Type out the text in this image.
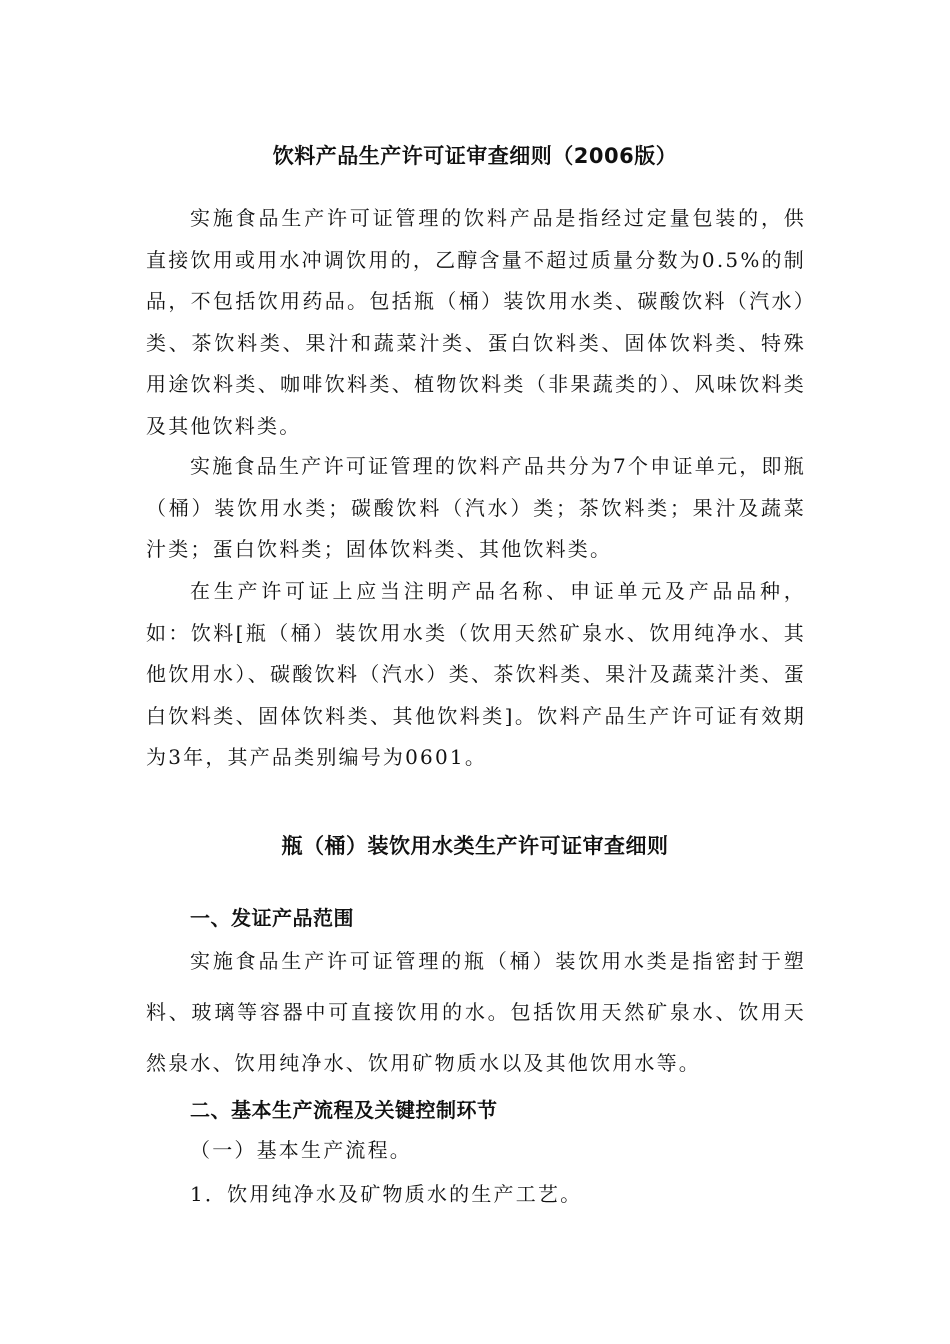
饮料产品生产许可证审查细则（2006版）
实施食品生产许可证管理的饮料产品是指经过定量包装的，供直接饮用或用水冲调饮用的，乙醇含量不超过质量分数为0.5%的制品，不包括饮用药品。包括瓶（桶）装饮用水类、碳酸饮料（汽水）类、茶饮料类、果汁和蔬菜汁类、蛋白饮料类、固体饮料类、特殊用途饮料类、咖啡饮料类、植物饮料类（非果蔬类的）、风味饮料类及其他饮料类。
实施食品生产许可证管理的饮料产品共分为7个申证单元，即瓶（桶）装饮用水类；碳酸饮料（汽水）类；茶饮料类；果汁及蔬菜汁类；蛋白饮料类；固体饮料类、其他饮料类。
在生产许可证上应当注明产品名称、申证单元及产品品种，如：饮料[瓶（桶）装饮用水类（饮用天然矿泉水、饮用纯净水、其他饮用水）、碳酸饮料（汽水）类、茶饮料类、果汁及蔬菜汁类、蛋白饮料类、固体饮料类、其他饮料类]。饮料产品生产许可证有效期为3年，其产品类别编号为0601。
瓶（桶）装饮用水类生产许可证审查细则
一、发证产品范围
实施食品生产许可证管理的瓶（桶）装饮用水类是指密封于塑料、玻璃等容器中可直接饮用的水。包括饮用天然矿泉水、饮用天然泉水、饮用纯净水、饮用矿物质水以及其他饮用水等。
二、基本生产流程及关键控制环节
（一）基本生产流程。
1．饮用纯净水及矿物质水的生产工艺。
